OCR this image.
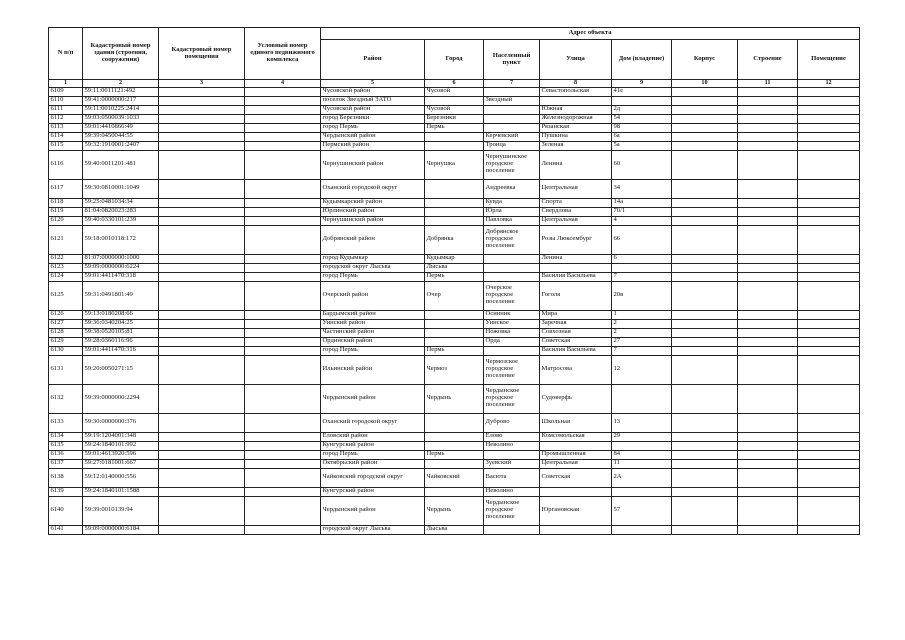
N п/п	Кадастровый номер здания (строения, сооружения)	Кадастровый номер помещения	Условный номер единого недвижимого комплекса	Адрес объекта							
				Район	Город	Населенный пункт	Улица	Дом (владение)	Корпус	Строение	Помещение
1	2	3	4	5	6	7	8	9	10	11	12
6109	59:11:0011121:492			Чусовской район	Чусовой		Севастопольская	41е			
6110	59:41:0000000:217			поселок Звездный ЗАТО		Звездный					
6111	59:11:0010225:2414			Чусовской район	Чусовой		Южная	2д			
6112	59:03:0500039:1033			город Березники	Березники		Железнодорожная	54			
6113	59:01:4410866:49			город Пермь	Пермь		Рязанская	98			
6114	59:39:0450044:55			Чердынский район		Керчевский	Пушкина	6а			
6115	59:32:1910001:2407			Пермский район		Троица	Зеленая	5а			
6116	59:40:0011201:481			Чернушинский район	Чернушка	Чернушинское городское поселение	Ленина	60			
6117	59:30:0810001:1049			Оханский городской округ		Андреевка	Центральная	34			
6118	59:25:0481034:34			Кудымкарский район		Кувда	Спорта	14а			
6119	81:04:0820023:283			Юрлинский район		Юрла	Свердлова	70/1			
6120	59:40:0330101:239			Чернушинский район		Павловка	Центральная	4			
6121	59:18:0010118:172			Добрянский район	Добрянка	Добрянское городское поселение	Розы Люксембург	66			
6122	81:07:0000000:1000			город Кудымкар	Кудымкар		Ленина	6			
6123	59:09:0000000:6224			городской округ Лысьва	Лысьва						
6124	59:01:4411470:318			город Пермь	Пермь		Василия Васильева	7			
6125	59:31:0491801:49			Очерский район	Очер	Очерское городское поселение	Гоголя	20в			
6126	59:13:0180208:66			Бардымский район		Осинник	Мира	1			
6127	59:36:0340204:25			Уинский район		Уинское	Заречная	2			
6128	59:38:0520105:81			Частинский район		Ножовка	Совхозная	2			
6129	59:28:0360116:96			Ординский район		Орда	Советская	27			
6130	59:01:4411470:316			город Пермь	Пермь		Василия Васильева	7			
6131	59:20:0050271:15			Ильинский район	Чермоз	Чермозское городское поселение	Матросова	12			
6132	59:39:0000000:2294			Чердынский район	Чердынь	Чердынское городское поселение	Судоверфь				
6133	59:30:0000000:376			Оханский городской округ		Дуброво	Школьная	13			
6134	59:19:1204001:348			Еловский район		Елово	Комсомольская	29			
6135	59:24:1840101:992			Кунгурский район		Неволино					
6136	59:01:4613920:596			город Пермь	Пермь		Промышленная	84			
6137	59:27:0181001:667			Октябрьский район		Зуевский	Центральная	11			
6138	59:12:0140000:556			Чайковский городской округ	Чайковский	Васюта	Советская	2А			
6139	59:24:1840101:1588			Кунгурский район		Неволино					
6140	59:39:0010139:94			Чердынский район	Чердынь	Чердынское городское поселение	Юргановская	57			
6141	59:09:0000000:6184			городской округ Лысьва	Лысьва						
